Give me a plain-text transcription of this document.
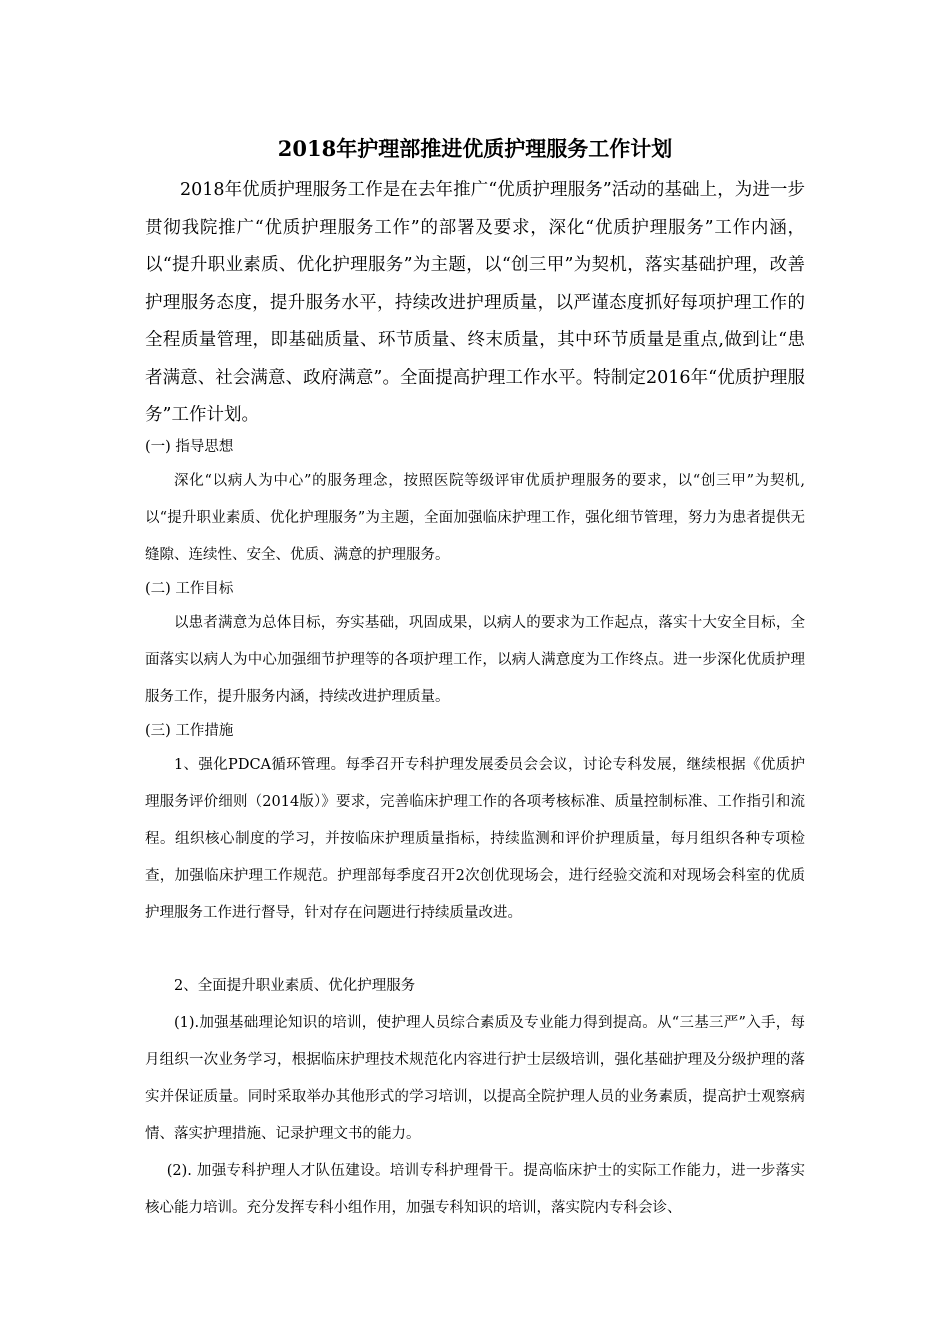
2018年护理部推进优质护理服务工作计划

2018年优质护理服务工作是在去年推广“优质护理服务”活动的基础上，为进一步贯彻我院推广“优质护理服务工作”的部署及要求，深化“优质护理服务”工作内涵，以“提升职业素质、优化护理服务”为主题，以“创三甲”为契机，落实基础护理，改善护理服务态度，提升服务水平，持续改进护理质量，以严谨态度抓好每项护理工作的全程质量管理，即基础质量、环节质量、终末质量，其中环节质量是重点,做到让“患者满意、社会满意、政府满意”。全面提高护理工作水平。特制定2016年“优质护理服务”工作计划。

(一) 指导思想

深化“以病人为中心”的服务理念，按照医院等级评审优质护理服务的要求，以“创三甲”为契机,以“提升职业素质、优化护理服务”为主题，全面加强临床护理工作，强化细节管理，努力为患者提供无缝隙、连续性、安全、优质、满意的护理服务。

(二) 工作目标

以患者满意为总体目标，夯实基础，巩固成果，以病人的要求为工作起点，落实十大安全目标，全面落实以病人为中心加强细节护理等的各项护理工作，以病人满意度为工作终点。进一步深化优质护理服务工作，提升服务内涵，持续改进护理质量。

(三) 工作措施

1、强化PDCA循环管理。每季召开专科护理发展委员会会议，讨论专科发展，继续根据《优质护理服务评价细则（2014版）》要求，完善临床护理工作的各项考核标准、质量控制标准、工作指引和流程。组织核心制度的学习，并按临床护理质量指标，持续监测和评价护理质量，每月组织各种专项检查，加强临床护理工作规范。护理部每季度召开2次创优现场会，进行经验交流和对现场会科室的优质护理服务工作进行督导，针对存在问题进行持续质量改进。

2、全面提升职业素质、优化护理服务

(1).加强基础理论知识的培训，使护理人员综合素质及专业能力得到提高。从“三基三严”入手，每月组织一次业务学习，根据临床护理技术规范化内容进行护士层级培训，强化基础护理及分级护理的落实并保证质量。同时采取举办其他形式的学习培训，以提高全院护理人员的业务素质，提高护士观察病情、落实护理措施、记录护理文书的能力。

(2). 加强专科护理人才队伍建设。培训专科护理骨干。提高临床护士的实际工作能力，进一步落实核心能力培训。充分发挥专科小组作用，加强专科知识的培训，落实院内专科会诊、
